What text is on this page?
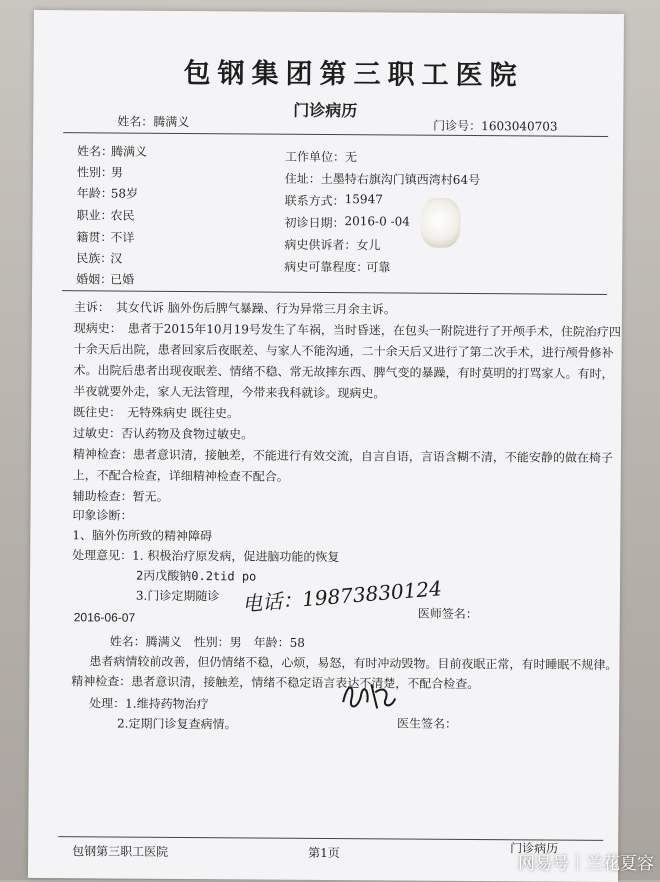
包钢集团第三职工医院
门诊病历
姓名：腾满义	门诊号：1603040703
姓名：
腾满义
性别：
男
年龄：
58岁
职业：
农民
籍贯：
不详
民族：
汉
婚姻：
已婚
工作单位： 无
住址： 土墨特右旗沟门镇西湾村64号
联系方式： 15947
初诊日期： 2016-0 -04
病史供诉者： 女儿
病史可靠程度：
可靠
主诉：　其女代诉 脑外伤后脾气暴躁、行为异常三月余主诉。
现病史：　患者于2015年10月19号发生了车祸，当时昏迷，在包头一附院进行了开颅手术，住院治疗四
十余天后出院，患者回家后夜眠差、与家人不能沟通，二十余天后又进行了第二次手术，进行颅骨修补
术。出院后患者出现夜眠差、情绪不稳、常无故摔东西、脾气变的暴躁，有时莫明的打骂家人。有时，
半夜就要外走，家人无法管理，今带来我科就诊。现病史。
既往史：　无特殊病史 既往史。
过敏史：否认药物及食物过敏史。
精神检查：患者意识清，接触差，不能进行有效交流，自言自语，言语含糊不清，不能安静的做在椅子
上，不配合检查，详细精神检查不配合。
辅助检查：暂无。
印象诊断：
1、脑外伤所致的精神障碍
处理意见：1. 积极治疗原发病，促进脑功能的恢复
2丙戊酸钠0.2tid po
3.门诊定期随诊 电话：19873830124
2016-06-07	医师签名：
姓名：腾满义　性别：男　年龄：58
患者病情较前改善，但仍情绪不稳，心烦，易怒，有时冲动毁物。目前夜眠正常，有时睡眠不规律。
精神检查：患者意识清，接触差，情绪不稳定语言表达不清楚，不配合检查。
处理：1.维持药物治疗
2.定期门诊复查病情。	医生签名：
包钢第三职工医院	第1页	门诊病历
网易号｜兰花夏容
